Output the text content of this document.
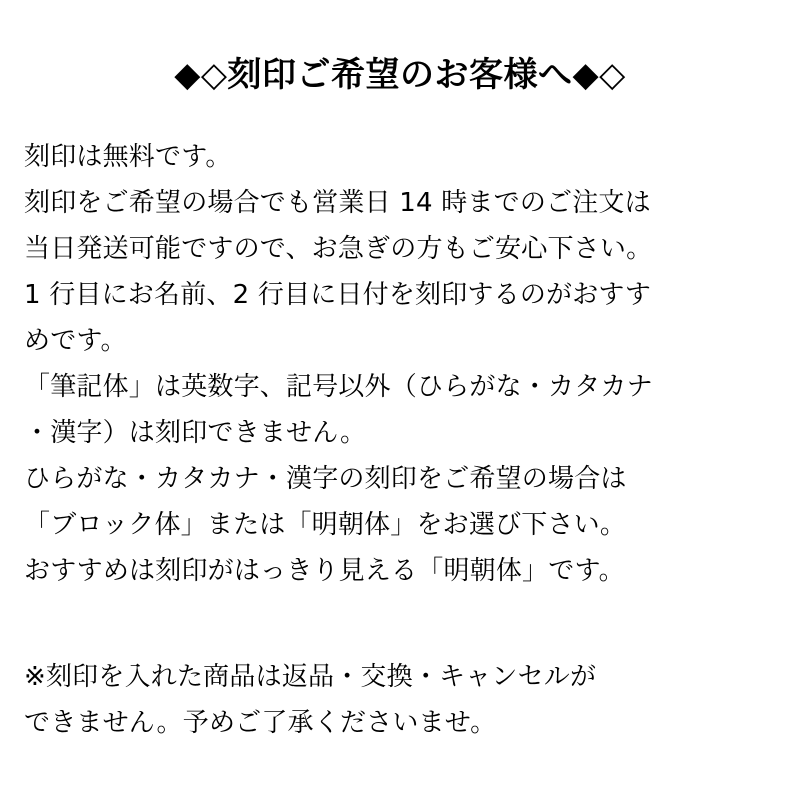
◆◇刻印ご希望のお客様へ◆◇

刻印は無料です。

刻印をご希望の場合でも営業日 14 時までのご注文は

当日発送可能ですので、お急ぎの方もご安心下さい。

1 行目にお名前、2 行目に日付を刻印するのがおすす

めです。

「筆記体」は英数字、記号以外（ひらがな・カタカナ

・漢字）は刻印できません。

ひらがな・カタカナ・漢字の刻印をご希望の場合は

「ブロック体」または「明朝体」をお選び下さい。

おすすめは刻印がはっきり見える「明朝体」です。

※刻印を入れた商品は返品・交換・キャンセルが

できません。予めご了承くださいませ。
